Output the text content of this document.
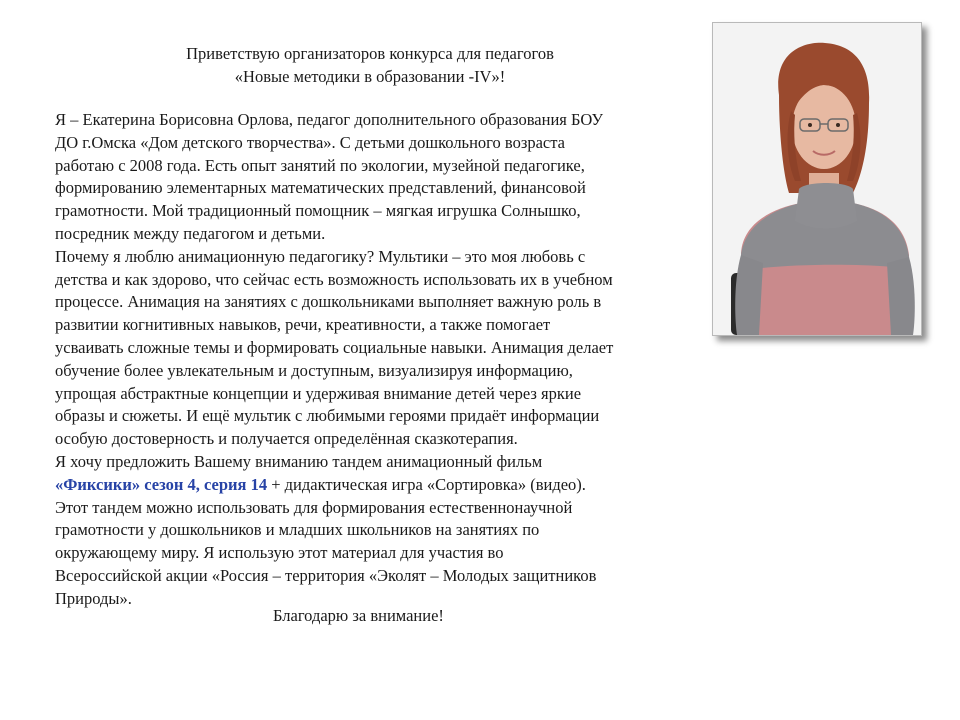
Приветствую организаторов конкурса для педагогов
«Новые методики в образовании -IV»!
Я – Екатерина Борисовна Орлова, педагог дополнительного образования БОУ
ДО г.Омска «Дом детского творчества». С детьми дошкольного возраста
работаю с 2008 года. Есть опыт занятий по экологии, музейной педагогике,
формированию элементарных математических представлений, финансовой
грамотности. Мой традиционный помощник – мягкая игрушка Солнышко,
посредник между педагогом и детьми.
Почему я люблю анимационную педагогику? Мультики – это моя любовь с
детства и как здорово, что сейчас есть возможность использовать их в учебном
процессе. Анимация на занятиях с дошкольниками выполняет важную роль в
развитии когнитивных навыков, речи, креативности, а также помогает
усваивать сложные темы и формировать социальные навыки. Анимация делает
обучение более увлекательным и доступным, визуализируя информацию,
упрощая абстрактные концепции и удерживая внимание детей через яркие
образы и сюжеты. И ещё мультик с любимыми героями придаёт информации
особую достоверность и получается определённая сказкотерапия.
Я хочу предложить Вашему вниманию тандем анимационный фильм
«Фиксики» сезон 4, серия 14 + дидактическая игра «Сортировка» (видео).
Этот тандем можно использовать для формирования естественнонаучной
грамотности у дошкольников и младших школьников на занятиях по
окружающему миру. Я использую этот материал для участия во
Всероссийской акции «Россия – территория «Эколят – Молодых защитников
Природы».
Благодарю за внимание!
